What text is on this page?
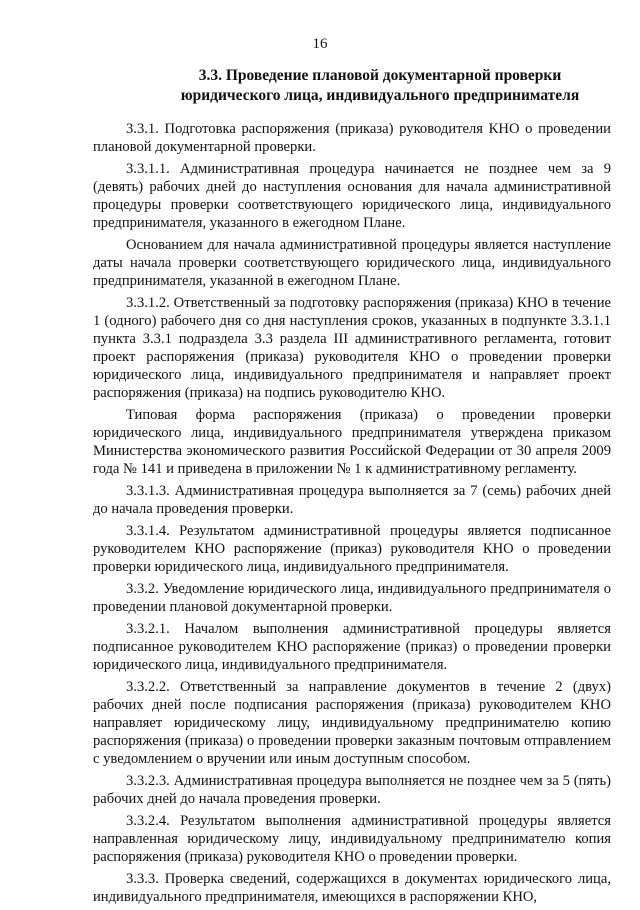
16
3.3. Проведение плановой документарной проверки
юридического лица, индивидуального предпринимателя

3.3.1. Подготовка распоряжения (приказа) руководителя КНО о проведении плановой документарной проверки.

3.3.1.1. Административная процедура начинается не позднее чем за 9 (девять) рабочих дней до наступления основания для начала административной процедуры проверки соответствующего юридического лица, индивидуального предпринимателя, указанного в ежегодном Плане.

Основанием для начала административной процедуры является наступление даты начала проверки соответствующего юридического лица, индивидуального предпринимателя, указанной в ежегодном Плане.

3.3.1.2. Ответственный за подготовку распоряжения (приказа) КНО в течение 1 (одного) рабочего дня со дня наступления сроков, указанных в подпункте 3.3.1.1 пункта 3.3.1 подраздела 3.3 раздела III административного регламента, готовит проект распоряжения (приказа) руководителя КНО о проведении проверки юридического лица, индивидуального предпринимателя и направляет проект распоряжения (приказа) на подпись руководителю КНО.

Типовая форма распоряжения (приказа) о проведении проверки юридического лица, индивидуального предпринимателя утверждена приказом Министерства экономического развития Российской Федерации от 30 апреля 2009 года № 141 и приведена в приложении № 1 к административному регламенту.

3.3.1.3. Административная процедура выполняется за 7 (семь) рабочих дней до начала проведения проверки.

3.3.1.4. Результатом административной процедуры является подписанное руководителем КНО распоряжение (приказ) руководителя КНО о проведении проверки юридического лица, индивидуального предпринимателя.

3.3.2. Уведомление юридического лица, индивидуального предпринимателя о проведении плановой документарной проверки.

3.3.2.1. Началом выполнения административной процедуры является подписанное руководителем КНО распоряжение (приказ) о проведении проверки юридического лица, индивидуального предпринимателя.

3.3.2.2. Ответственный за направление документов в течение 2 (двух) рабочих дней после подписания распоряжения (приказа) руководителем КНО направляет юридическому лицу, индивидуальному предпринимателю копию распоряжения (приказа) о проведении проверки заказным почтовым отправлением с уведомлением о вручении или иным доступным способом.

3.3.2.3. Административная процедура выполняется не позднее чем за 5 (пять) рабочих дней до начала проведения проверки.

3.3.2.4. Результатом выполнения административной процедуры является направленная юридическому лицу, индивидуальному предпринимателю копия распоряжения (приказа) руководителя КНО о проведении проверки.

3.3.3. Проверка сведений, содержащихся в документах юридического лица, индивидуального предпринимателя, имеющихся в распоряжении КНО,
